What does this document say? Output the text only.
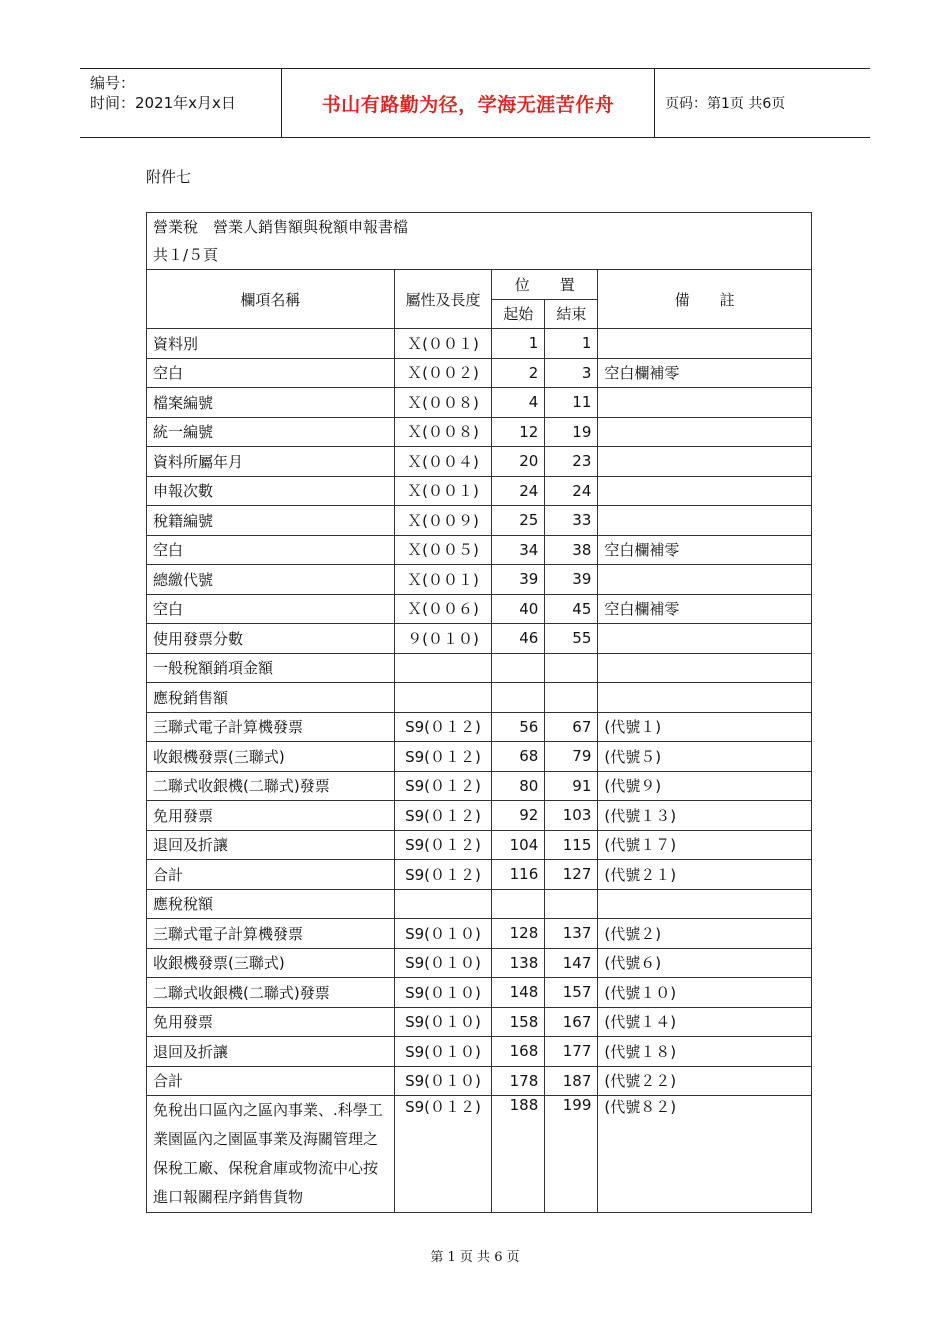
编号：
时间：2021年x月x日	书山有路勤为径，学海无涯苦作舟	页码：第1页 共6页
附件七
營業稅　營業人銷售額與稅額申報書檔
共１/５頁				

欄項名稱	屬性及長度	位　　置		備　　註
		起始	結束	
資料別	Ｘ(００１)	1	1	
空白	Ｘ(００２)	2	3	空白欄補零
檔案編號	Ｘ(００８)	4	11	
統一編號	Ｘ(００８)	12	19	
資料所屬年月	Ｘ(００４)	20	23	
申報次數	Ｘ(００１)	24	24	
稅籍編號	Ｘ(００９)	25	33	
空白	Ｘ(００５)	34	38	空白欄補零
總繳代號	Ｘ(００１)	39	39	
空白	Ｘ(００６)	40	45	空白欄補零
使用發票分數	９(０１０)	46	55	
一般稅額銷項金額				
應稅銷售額				
三聯式電子計算機發票	S9(０１２)	56	67	(代號１)
收銀機發票(三聯式)	S9(０１２)	68	79	(代號５)
二聯式收銀機(二聯式)發票	S9(０１２)	80	91	(代號９)
免用發票	S9(０１２)	92	103	(代號１３)
退回及折讓	S9(０１２)	104	115	(代號１７)
合計	S9(０１２)	116	127	(代號２１)
應稅稅額				
三聯式電子計算機發票	S9(０１０)	128	137	(代號２)
收銀機發票(三聯式)	S9(０１０)	138	147	(代號６)
二聯式收銀機(二聯式)發票	S9(０１０)	148	157	(代號１０)
免用發票	S9(０１０)	158	167	(代號１４)
退回及折讓	S9(０１０)	168	177	(代號１８)
合計	S9(０１０)	178	187	(代號２２)
免稅出口區內之區內事業、.科學工業園區內之園區事業及海關管理之保稅工廠、保稅倉庫或物流中心按進口報關程序銷售貨物	S9(０１２)	188	199	(代號８２)
第 1 页 共 6 页
